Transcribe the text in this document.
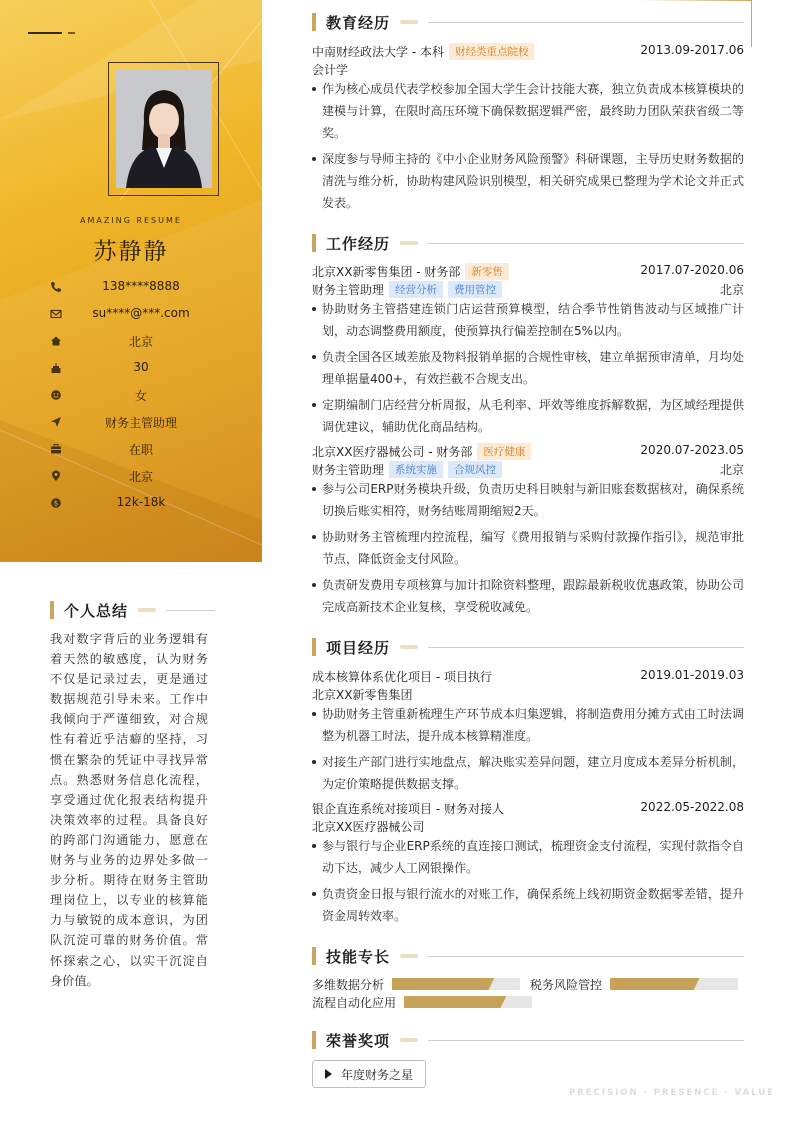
AMAZING RESUME
苏静静
138****8888
su****@***.com
北京
30
女
财务主管助理
在职
北京
$	12k-18k
个人总结
我对数字背后的业务逻辑有着天然的敏感度，认为财务不仅是记录过去，更是通过数据规范引导未来。工作中我倾向于严谨细致，对合规性有着近乎洁癖的坚持，习惯在繁杂的凭证中寻找异常点。熟悉财务信息化流程，享受通过优化报表结构提升决策效率的过程。具备良好的跨部门沟通能力，愿意在财务与业务的边界处多做一步分析。期待在财务主管助理岗位上，以专业的核算能力与敏锐的成本意识，为团队沉淀可靠的财务价值。常怀探索之心，以实干沉淀自身价值。
教育经历
中南财经政法大学 - 本科 财经类重点院校	2013.09-2017.06
会计学
作为核心成员代表学校参加全国大学生会计技能大赛，独立负责成本核算模块的建模与计算，在限时高压环境下确保数据逻辑严密，最终助力团队荣获省级二等奖。
深度参与导师主持的《中小企业财务风险预警》科研课题，主导历史财务数据的清洗与维分析，协助构建风险识别模型，相关研究成果已整理为学术论文并正式发表。
工作经历
北京XX新零售集团 - 财务部 新零售	2017.07-2020.06
财务主管助理 经营分析 费用管控	北京
协助财务主管搭建连锁门店运营预算模型，结合季节性销售波动与区域推广计划，动态调整费用额度，使预算执行偏差控制在5%以内。
负责全国各区域差旅及物料报销单据的合规性审核，建立单据预审清单，月均处理单据量400+，有效拦截不合规支出。
定期编制门店经营分析周报，从毛利率、坪效等维度拆解数据，为区域经理提供调优建议，辅助优化商品结构。
北京XX医疗器械公司 - 财务部 医疗健康	2020.07-2023.05
财务主管助理 系统实施 合规风控	北京
参与公司ERP财务模块升级，负责历史科目映射与新旧账套数据核对，确保系统切换后账实相符，财务结账周期缩短2天。
协助财务主管梳理内控流程，编写《费用报销与采购付款操作指引》，规范审批节点，降低资金支付风险。
负责研发费用专项核算与加计扣除资料整理，跟踪最新税收优惠政策，协助公司完成高新技术企业复核，享受税收减免。
项目经历
成本核算体系优化项目 - 项目执行	2019.01-2019.03
北京XX新零售集团
协助财务主管重新梳理生产环节成本归集逻辑，将制造费用分摊方式由工时法调整为机器工时法，提升成本核算精准度。
对接生产部门进行实地盘点，解决账实差异问题，建立月度成本差异分析机制，为定价策略提供数据支撑。
银企直连系统对接项目 - 财务对接人	2022.05-2022.08
北京XX医疗器械公司
参与银行与企业ERP系统的直连接口测试，梳理资金支付流程，实现付款指令自动下达，减少人工网银操作。
负责资金日报与银行流水的对账工作，确保系统上线初期资金数据零差错，提升资金周转效率。
技能专长
多维数据分析	税务风险管控
流程自动化应用
荣誉奖项
年度财务之星
PRECISION · PRESENCE · VALUE
